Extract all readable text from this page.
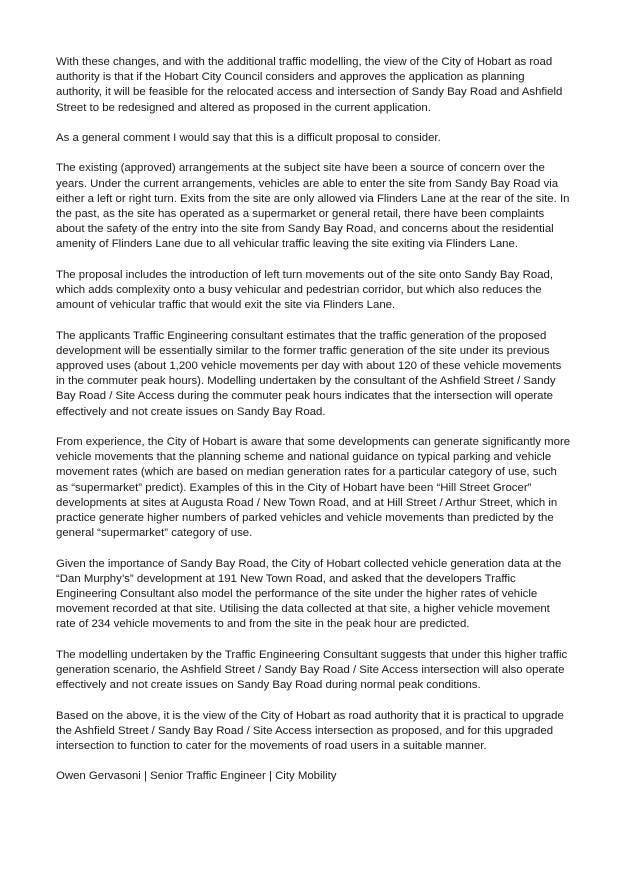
With these changes, and with the additional traffic modelling, the view of the City of Hobart as road authority is that if the Hobart City Council considers and approves the application as planning authority, it will be feasible for the relocated access and intersection of Sandy Bay Road and Ashfield Street to be redesigned and altered as proposed in the current application.

As a general comment I would say that this is a difficult proposal to consider.

The existing (approved) arrangements at the subject site have been a source of concern over the years. Under the current arrangements, vehicles are able to enter the site from Sandy Bay Road via either a left or right turn. Exits from the site are only allowed via Flinders Lane at the rear of the site. In the past, as the site has operated as a supermarket or general retail, there have been complaints about the safety of the entry into the site from Sandy Bay Road, and concerns about the residential amenity of Flinders Lane due to all vehicular traffic leaving the site exiting via Flinders Lane.

The proposal includes the introduction of left turn movements out of the site onto Sandy Bay Road, which adds complexity onto a busy vehicular and pedestrian corridor, but which also reduces the amount of vehicular traffic that would exit the site via Flinders Lane.

The applicants Traffic Engineering consultant estimates that the traffic generation of the proposed development will be essentially similar to the former traffic generation of the site under its previous approved uses (about 1,200 vehicle movements per day with about 120 of these vehicle movements in the commuter peak hours). Modelling undertaken by the consultant of the Ashfield Street / Sandy Bay Road / Site Access during the commuter peak hours indicates that the intersection will operate effectively and not create issues on Sandy Bay Road.

From experience, the City of Hobart is aware that some developments can generate significantly more vehicle movements that the planning scheme and national guidance on typical parking and vehicle movement rates (which are based on median generation rates for a particular category of use, such as “supermarket” predict). Examples of this in the City of Hobart have been “Hill Street Grocer” developments at sites at Augusta Road / New Town Road, and at Hill Street / Arthur Street, which in practice generate higher numbers of parked vehicles and vehicle movements than predicted by the general “supermarket” category of use.

Given the importance of Sandy Bay Road, the City of Hobart collected vehicle generation data at the “Dan Murphy’s” development at 191 New Town Road, and asked that the developers Traffic Engineering Consultant also model the performance of the site under the higher rates of vehicle movement recorded at that site. Utilising the data collected at that site, a higher vehicle movement rate of 234 vehicle movements to and from the site in the peak hour are predicted.

The modelling undertaken by the Traffic Engineering Consultant suggests that under this higher traffic generation scenario, the Ashfield Street / Sandy Bay Road / Site Access intersection will also operate effectively and not create issues on Sandy Bay Road during normal peak conditions.

Based on the above, it is the view of the City of Hobart as road authority that it is practical to upgrade the Ashfield Street / Sandy Bay Road / Site Access intersection as proposed, and for this upgraded intersection to function to cater for the movements of road users in a suitable manner.

Owen Gervasoni | Senior Traffic Engineer | City Mobility
